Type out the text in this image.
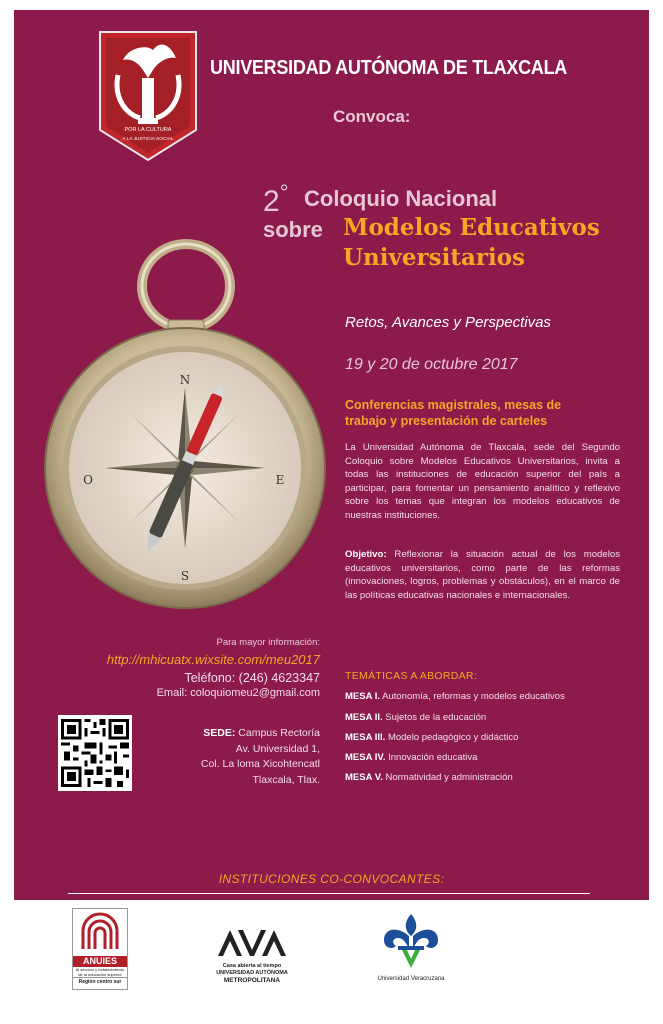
POR LA CULTURA
A LA JUSTICIA SOCIAL
UNIVERSIDAD AUTÓNOMA DE TLAXCALA
Convoca:
2° Coloquio Nacional
sobre Modelos Educativos
Universitarios
N
S
E
O
Retos, Avances y Perspectivas
19 y 20 de octubre 2017
Conferencias magistrales, mesas de
trabajo y presentación de carteles
La Universidad Autónoma de Tlaxcala, sede del Segundo Coloquio sobre Modelos Educativos Universitarios, invita a todas las instituciones de educación superior del país a participar, para fomentar un pensamiento analítico y reflexivo sobre los temas que integran los modelos educativos de nuestras instituciones.
Objetivo: Reflexionar la situación actual de los modelos educativos universitarios, como parte de las reformas (innovaciones, logros, problemas y obstáculos), en el marco de las políticas educativas nacionales e internacionales.
Para mayor información:
http://mhicuatx.wixsite.com/meu2017
Teléfono: (246) 4623347
Email: coloquiomeu2@gmail.com
SEDE: Campus Rectoría
Av. Universidad 1,
Col. La loma Xicohtencatl
Tlaxcala, Tlax.
TEMÁTICAS A ABORDAR:
MESA I. Autonomía, reformas y modelos educativos
MESA II. Sujetos de la educación
MESA III. Modelo pedagógico y didáctico
MESA IV. Innovación educativa
MESA V. Normatividad y administración
INSTITUCIONES CO-CONVOCANTES:
ANUIES
Al servicio y fortalecimiento
de la educación superior
Región centro sur
Casa abierta al tiempo
UNIVERSIDAD AUTÓNOMA
METROPOLITANA	Universidad Veracruzana
